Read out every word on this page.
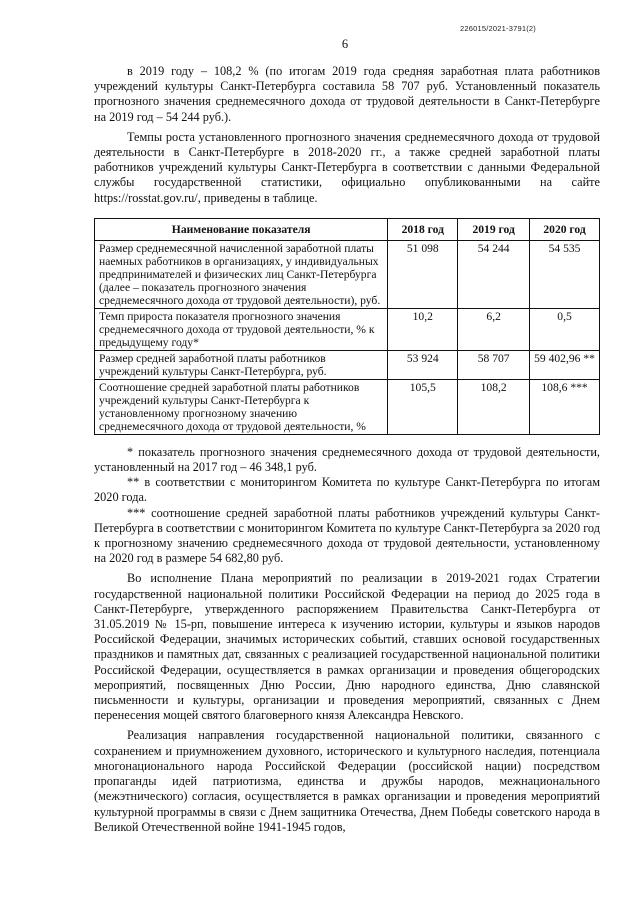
226015/2021-3791(2)
6

в 2019 году – 108,2 % (по итогам 2019 года средняя заработная плата работников учреждений культуры Санкт-Петербурга составила 58 707 руб. Установленный показатель прогнозного значения среднемесячного дохода от трудовой деятельности в Санкт-Петербурге на 2019 год – 54 244 руб.).

Темпы роста установленного прогнозного значения среднемесячного дохода от трудовой деятельности в Санкт-Петербурге в 2018-2020 гг., а также средней заработной платы работников учреждений культуры Санкт-Петербурга в соответствии с данными Федеральной службы государственной статистики, официально опубликованными на сайте https://rosstat.gov.ru/, приведены в таблице.

Наименование показателя	2018 год	2019 год	2020 год
Размер среднемесячной начисленной заработной платы наемных работников в организациях, у индивидуальных предпринимателей и физических лиц Санкт-Петербурга (далее – показатель прогнозного значения среднемесячного дохода от трудовой деятельности), руб.	51 098	54 244	54 535
Темп прироста показателя прогнозного значения среднемесячного дохода от трудовой деятельности, % к предыдущему году*	10,2	6,2	0,5
Размер средней заработной платы работников учреждений культуры Санкт-Петербурга, руб.	53 924	58 707	59 402,96 **
Соотношение средней заработной платы работников учреждений культуры Санкт-Петербурга к установленному прогнозному значению среднемесячного дохода от трудовой деятельности, %	105,5	108,2	108,6 ***

* показатель прогнозного значения среднемесячного дохода от трудовой деятельности, установленный на 2017 год – 46 348,1 руб.

** в соответствии с мониторингом Комитета по культуре Санкт-Петербурга по итогам 2020 года.

*** соотношение средней заработной платы работников учреждений культуры Санкт-Петербурга в соответствии с мониторингом Комитета по культуре Санкт-Петербурга за 2020 год к прогнозному значению среднемесячного дохода от трудовой деятельности, установленному на 2020 год в размере 54 682,80 руб.

Во исполнение Плана мероприятий по реализации в 2019-2021 годах Стратегии государственной национальной политики Российской Федерации на период до 2025 года в Санкт-Петербурге, утвержденного распоряжением Правительства Санкт-Петербурга от 31.05.2019 № 15-рп, повышение интереса к изучению истории, культуры и языков народов Российской Федерации, значимых исторических событий, ставших основой государственных праздников и памятных дат, связанных с реализацией государственной национальной политики Российской Федерации, осуществляется в рамках организации и проведения общегородских мероприятий, посвященных Дню России, Дню народного единства, Дню славянской письменности и культуры, организации и проведения мероприятий, связанных с Днем перенесения мощей святого благоверного князя Александра Невского.

Реализация направления государственной национальной политики, связанного с сохранением и приумножением духовного, исторического и культурного наследия, потенциала многонационального народа Российской Федерации (российской нации) посредством пропаганды идей патриотизма, единства и дружбы народов, межнационального (межэтнического) согласия, осуществляется в рамках организации и проведения мероприятий культурной программы в связи с Днем защитника Отечества, Днем Победы советского народа в Великой Отечественной войне 1941-1945 годов,
